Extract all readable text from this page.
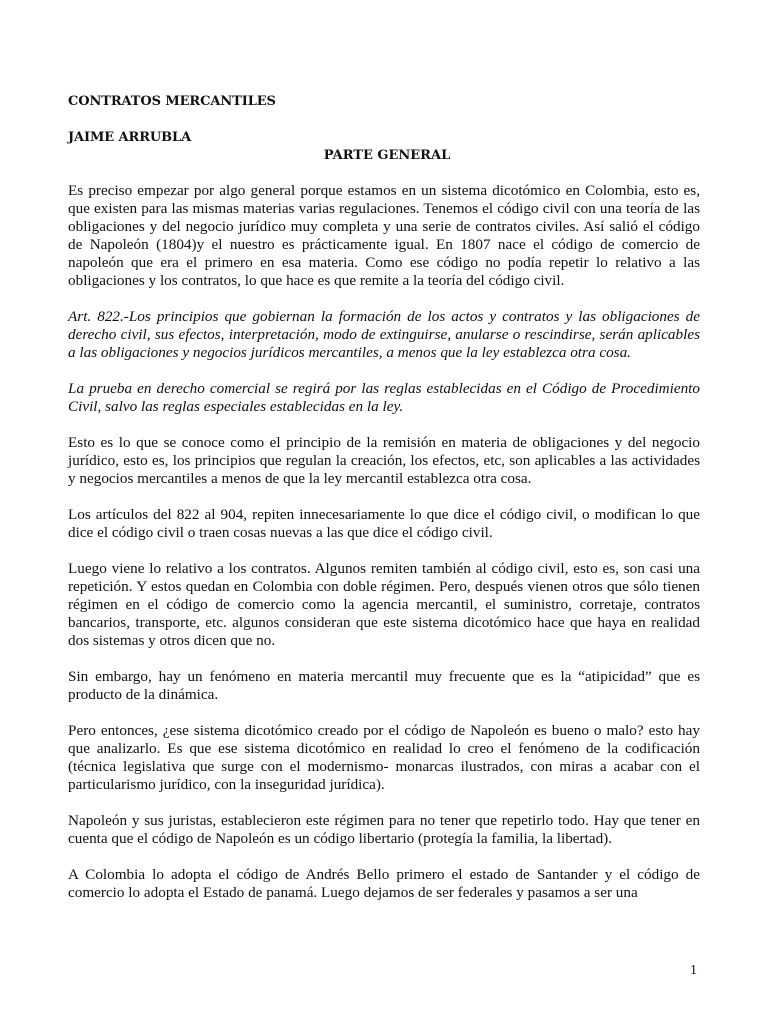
CONTRATOS MERCANTILES

JAIME ARRUBLA

PARTE GENERAL

Es preciso empezar por algo general porque estamos en un sistema dicotómico en Colombia, esto es, que existen para las mismas materias varias regulaciones. Tenemos el código civil con una teoría de las obligaciones y del negocio jurídico muy completa y una serie de contratos civiles. Así salió el código de Napoleón (1804)y el nuestro es prácticamente igual. En 1807 nace el código de comercio de napoleón que era el primero en esa materia. Como ese código no podía repetir lo relativo a las obligaciones y los contratos, lo que hace es que remite a la teoría del código civil.

Art. 822.-Los principios que gobiernan la formación de los actos y contratos y las obligaciones de derecho civil, sus efectos, interpretación, modo de extinguirse, anularse o rescindirse, serán aplicables a las obligaciones y negocios jurídicos mercantiles, a menos que la ley establezca otra cosa.

La prueba en derecho comercial se regirá por las reglas establecidas en el Código de Procedimiento Civil, salvo las reglas especiales establecidas en la ley.

Esto es lo que se conoce como el principio de la remisión en materia de obligaciones y del negocio jurídico, esto es, los principios que regulan la creación, los efectos, etc, son aplicables a las actividades y negocios mercantiles a menos de que la ley mercantil establezca otra cosa.

Los artículos del 822 al 904, repiten innecesariamente lo que dice el código civil, o modifican lo que dice el código civil o traen cosas nuevas a las que dice el código civil.

Luego viene lo relativo a los contratos. Algunos remiten también al código civil, esto es, son casi una repetición. Y estos quedan en Colombia con doble régimen. Pero, después vienen otros que sólo tienen régimen en el código de comercio como la agencia mercantil, el suministro, corretaje, contratos bancarios, transporte, etc. algunos consideran que este sistema dicotómico hace que haya en realidad dos sistemas y otros dicen que no.

Sin embargo, hay un fenómeno en materia mercantil muy frecuente que es la “atipicidad” que es producto de la dinámica.

Pero entonces, ¿ese sistema dicotómico creado por el código de Napoleón es bueno o malo? esto hay que analizarlo. Es que ese sistema dicotómico en realidad lo creo el fenómeno de la codificación (técnica legislativa que surge con el modernismo- monarcas ilustrados, con miras a acabar con el particularismo jurídico, con la inseguridad jurídica).

Napoleón y sus juristas, establecieron este régimen para no tener que repetirlo todo. Hay que tener en cuenta que el código de Napoleón es un código libertario (protegía la familia, la libertad).

A Colombia lo adopta el código de Andrés Bello primero el estado de Santander y el código de comercio lo adopta el Estado de panamá. Luego dejamos de ser federales y pasamos a ser una

1
